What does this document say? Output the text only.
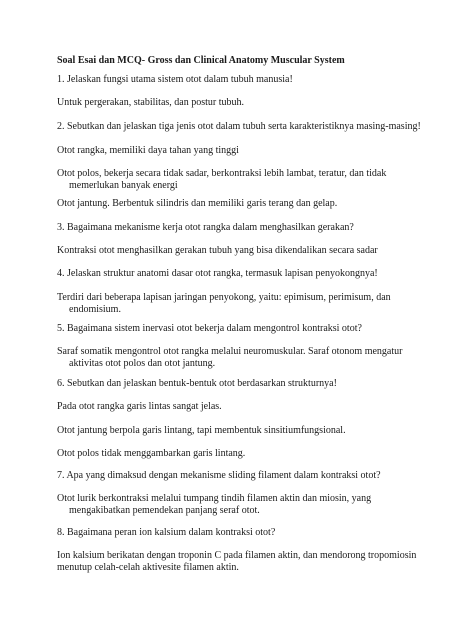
Soal Esai dan MCQ- Gross dan Clinical Anatomy Muscular System
1. Jelaskan fungsi utama sistem otot dalam tubuh manusia!
Untuk pergerakan, stabilitas, dan postur tubuh.
2. Sebutkan dan jelaskan tiga jenis otot dalam tubuh serta karakteristiknya masing-masing!
Otot rangka, memiliki daya tahan yang tinggi
Otot polos, bekerja secara tidak sadar, berkontraksi lebih lambat, teratur, dan tidak
memerlukan banyak energi
Otot jantung. Berbentuk silindris dan memiliki garis terang dan gelap.
3. Bagaimana mekanisme kerja otot rangka dalam menghasilkan gerakan?
Kontraksi otot menghasilkan gerakan tubuh yang bisa dikendalikan secara sadar
4. Jelaskan struktur anatomi dasar otot rangka, termasuk lapisan penyokongnya!
Terdiri dari beberapa lapisan jaringan penyokong, yaitu: epimisum, perimisum, dan
endomisium.
5. Bagaimana sistem inervasi otot bekerja dalam mengontrol kontraksi otot?
Saraf somatik mengontrol otot rangka melalui neuromuskular. Saraf otonom mengatur
aktivitas otot polos dan otot jantung.
6. Sebutkan dan jelaskan bentuk-bentuk otot berdasarkan strukturnya!
Pada otot rangka garis lintas sangat jelas.
Otot jantung berpola garis lintang, tapi membentuk sinsitiumfungsional.
Otot polos tidak menggambarkan garis lintang.
7. Apa yang dimaksud dengan mekanisme sliding filament dalam kontraksi otot?
Otot lurik berkontraksi melalui tumpang tindih filamen aktin dan miosin, yang
mengakibatkan pemendekan panjang seraf otot.
8. Bagaimana peran ion kalsium dalam kontraksi otot?
Ion kalsium berikatan dengan troponin C pada filamen aktin, dan mendorong tropomiosin
menutup celah-celah aktivesite filamen aktin.
